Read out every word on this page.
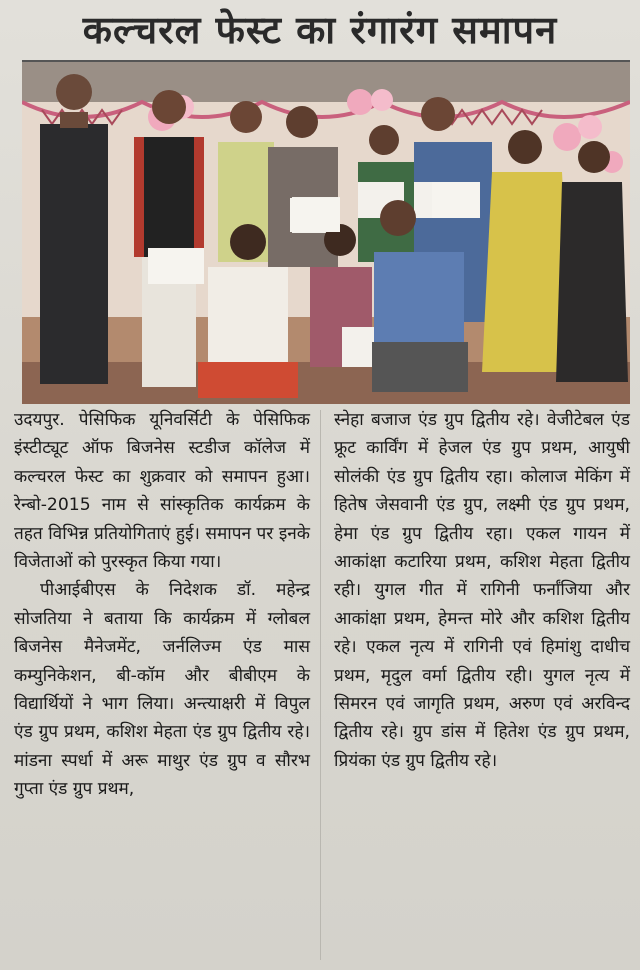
कल्चरल फेस्ट का रंगारंग समापन

उदयपुर. पेसिफिक यूनिवर्सिटी के पेसिफिक इंस्टीट्यूट ऑफ बिजनेस स्टडीज कॉलेज में कल्चरल फेस्ट का शुक्रवार को समापन हुआ। रेन्बो-2015 नाम से सांस्कृतिक कार्यक्रम के तहत विभिन्न प्रतियोगिताएं हुई। समापन पर इनके विजेताओं को पुरस्कृत किया गया।

पीआईबीएस के निदेशक डॉ. महेन्द्र सोजतिया ने बताया कि कार्यक्रम में ग्लोबल बिजनेस मैनेजमेंट, जर्नलिज्म एंड मास कम्युनिकेशन, बी-कॉम और बीबीएम के विद्यार्थियों ने भाग लिया। अन्त्याक्षरी में विपुल एंड ग्रुप प्रथम, कशिश मेहता एंड ग्रुप द्वितीय रहे। मांडना स्पर्धा में अरू माथुर एंड ग्रुप व सौरभ गुप्ता एंड ग्रुप प्रथम,

स्नेहा बजाज एंड ग्रुप द्वितीय रहे। वेजीटेबल एंड फ्रूट कार्विंग में हेजल एंड ग्रुप प्रथम, आयुषी सोलंकी एंड ग्रुप द्वितीय रहा। कोलाज मेकिंग में हितेष जेसवानी एंड ग्रुप, लक्ष्मी एंड ग्रुप प्रथम, हेमा एंड ग्रुप द्वितीय रहा। एकल गायन में आकांक्षा कटारिया प्रथम, कशिश मेहता द्वितीय रही। युगल गीत में रागिनी फर्नांजिया और आकांक्षा प्रथम, हेमन्त मोरे और कशिश द्वितीय रहे। एकल नृत्य में रागिनी एवं हिमांशु दाधीच प्रथम, मृदुल वर्मा द्वितीय रही। युगल नृत्य में सिमरन एवं जागृति प्रथम, अरुण एवं अरविन्द द्वितीय रहे। ग्रुप डांस में हितेश एंड ग्रुप प्रथम, प्रियंका एंड ग्रुप द्वितीय रहे।
